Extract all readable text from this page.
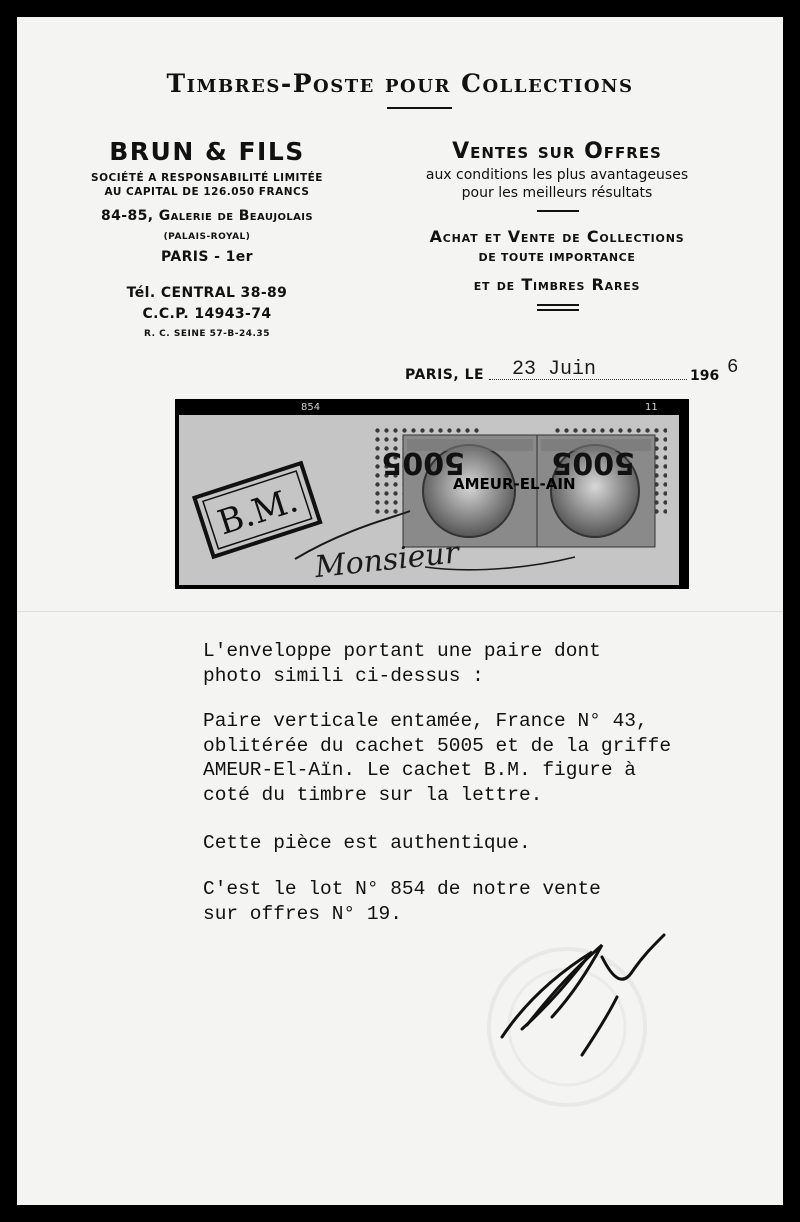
Timbres-Poste pour Collections
BRUN & FILS
SOCIÉTÉ A RESPONSABILITÉ LIMITÉE
AU CAPITAL DE 126.050 FRANCS
84-85, Galerie de Beaujolais
(PALAIS-ROYAL)
PARIS - 1er
Tél. CENTRAL 38-89
C.C.P. 14943-74
R. C. SEINE 57-B-24.35
Ventes sur Offres
aux conditions les plus avantageuses
pour les meilleurs résultats
Achat et Vente de Collections
DE TOUTE IMPORTANCE
et de Timbres Rares
PARIS, LE 23 Juin	196 6
854	11
B.M.
5005	5005
AMEUR-EL-AIN
Monsieur

L'enveloppe portant une paire dont
photo simili ci-dessus :

Paire verticale entamée, France N° 43,
oblitérée du cachet 5005 et de la griffe
AMEUR-El-Aïn. Le cachet B.M. figure à
coté du timbre sur la lettre.

Cette pièce est authentique.

C'est le lot N° 854 de notre vente
sur offres N° 19.
